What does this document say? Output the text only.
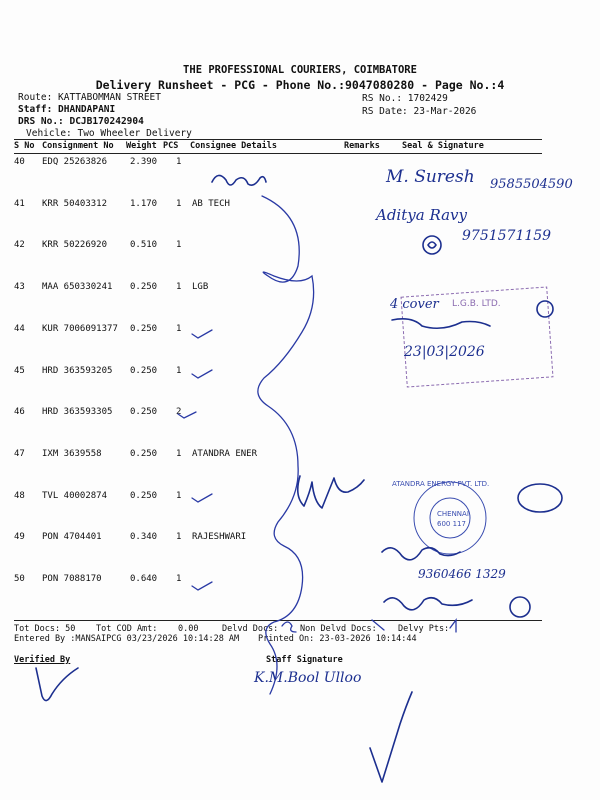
THE PROFESSIONAL COURIERS, COIMBATORE
Delivery Runsheet - PCG - Phone No.:9047080280 - Page No.:4
Route: KATTABOMMAN STREET
Staff: DHANDAPANI
DRS No.: DCJB170242904
Vehicle: Two Wheeler Delivery
RS No.: 1702429
RS Date: 23-Mar-2026
S No Consignment No Weight PCS Consignee Details	Remarks	Seal & Signature
40 EDQ 25263826	2.390 1
41 KRR 50403312	1.170 1 AB TECH
42 KRR 50226920	0.510 1
43 MAA 650330241 0.250 1 LGB
44 KUR 7006091377 0.250 1
45 HRD 363593205 0.250 1
46 HRD 363593305 0.250 2
47 IXM 3639558	0.250 1 ATANDRA ENER
48 TVL 40002874	0.250 1
49 PON 4704401	0.340 1 RAJESHWARI
50 PON 7088170	0.640 1
Tot Docs: 50 Tot COD Amt: 0.00	Delvd Docs:	Non Delvd Docs: Delvy Pts:
Entered By :MANSAIPCG 03/23/2026 10:14:28 AM Printed On: 23-03-2026 10:14:44
Verified By	Staff Signature
M. Suresh 9585504590
Aditya Ravy
9751571159
L.G.B. LTD.
4 cover
23|03|2026
ATANDRA ENERGY PVT. LTD.
CHENNAI
600 117
9360466 1329
K.M.Bool Ulloo
